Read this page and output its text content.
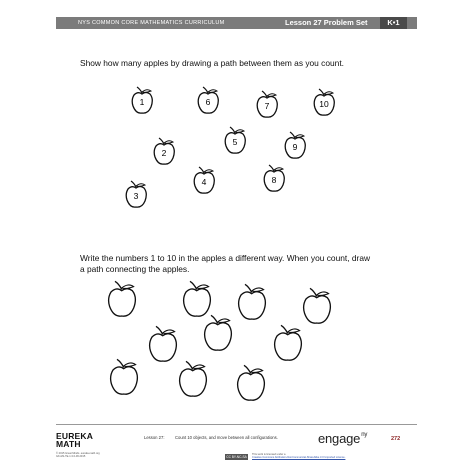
NYS COMMON CORE MATHEMATICS CURRICULUM	Lesson 27 Problem Set	K•1
Show how many apples by drawing a path between them as you count.
1	6	7	10
5	9
2
4	8
3
Write the numbers 1 to 10 in the apples a different way. When you count, draw
a path connecting the apples.
EUREKA
MATH
© 2015 Great Minds. eureka-math.org
GK-M1-TE-1.3.0-06.2015
Lesson 27:	Count 10 objects, and move between all configurations.	engage$^{ny}$
272
CC BY-NC-SA
This work is licensed under a
Creative Commons Attribution-NonCommercial-ShareAlike 3.0 Unported License.
